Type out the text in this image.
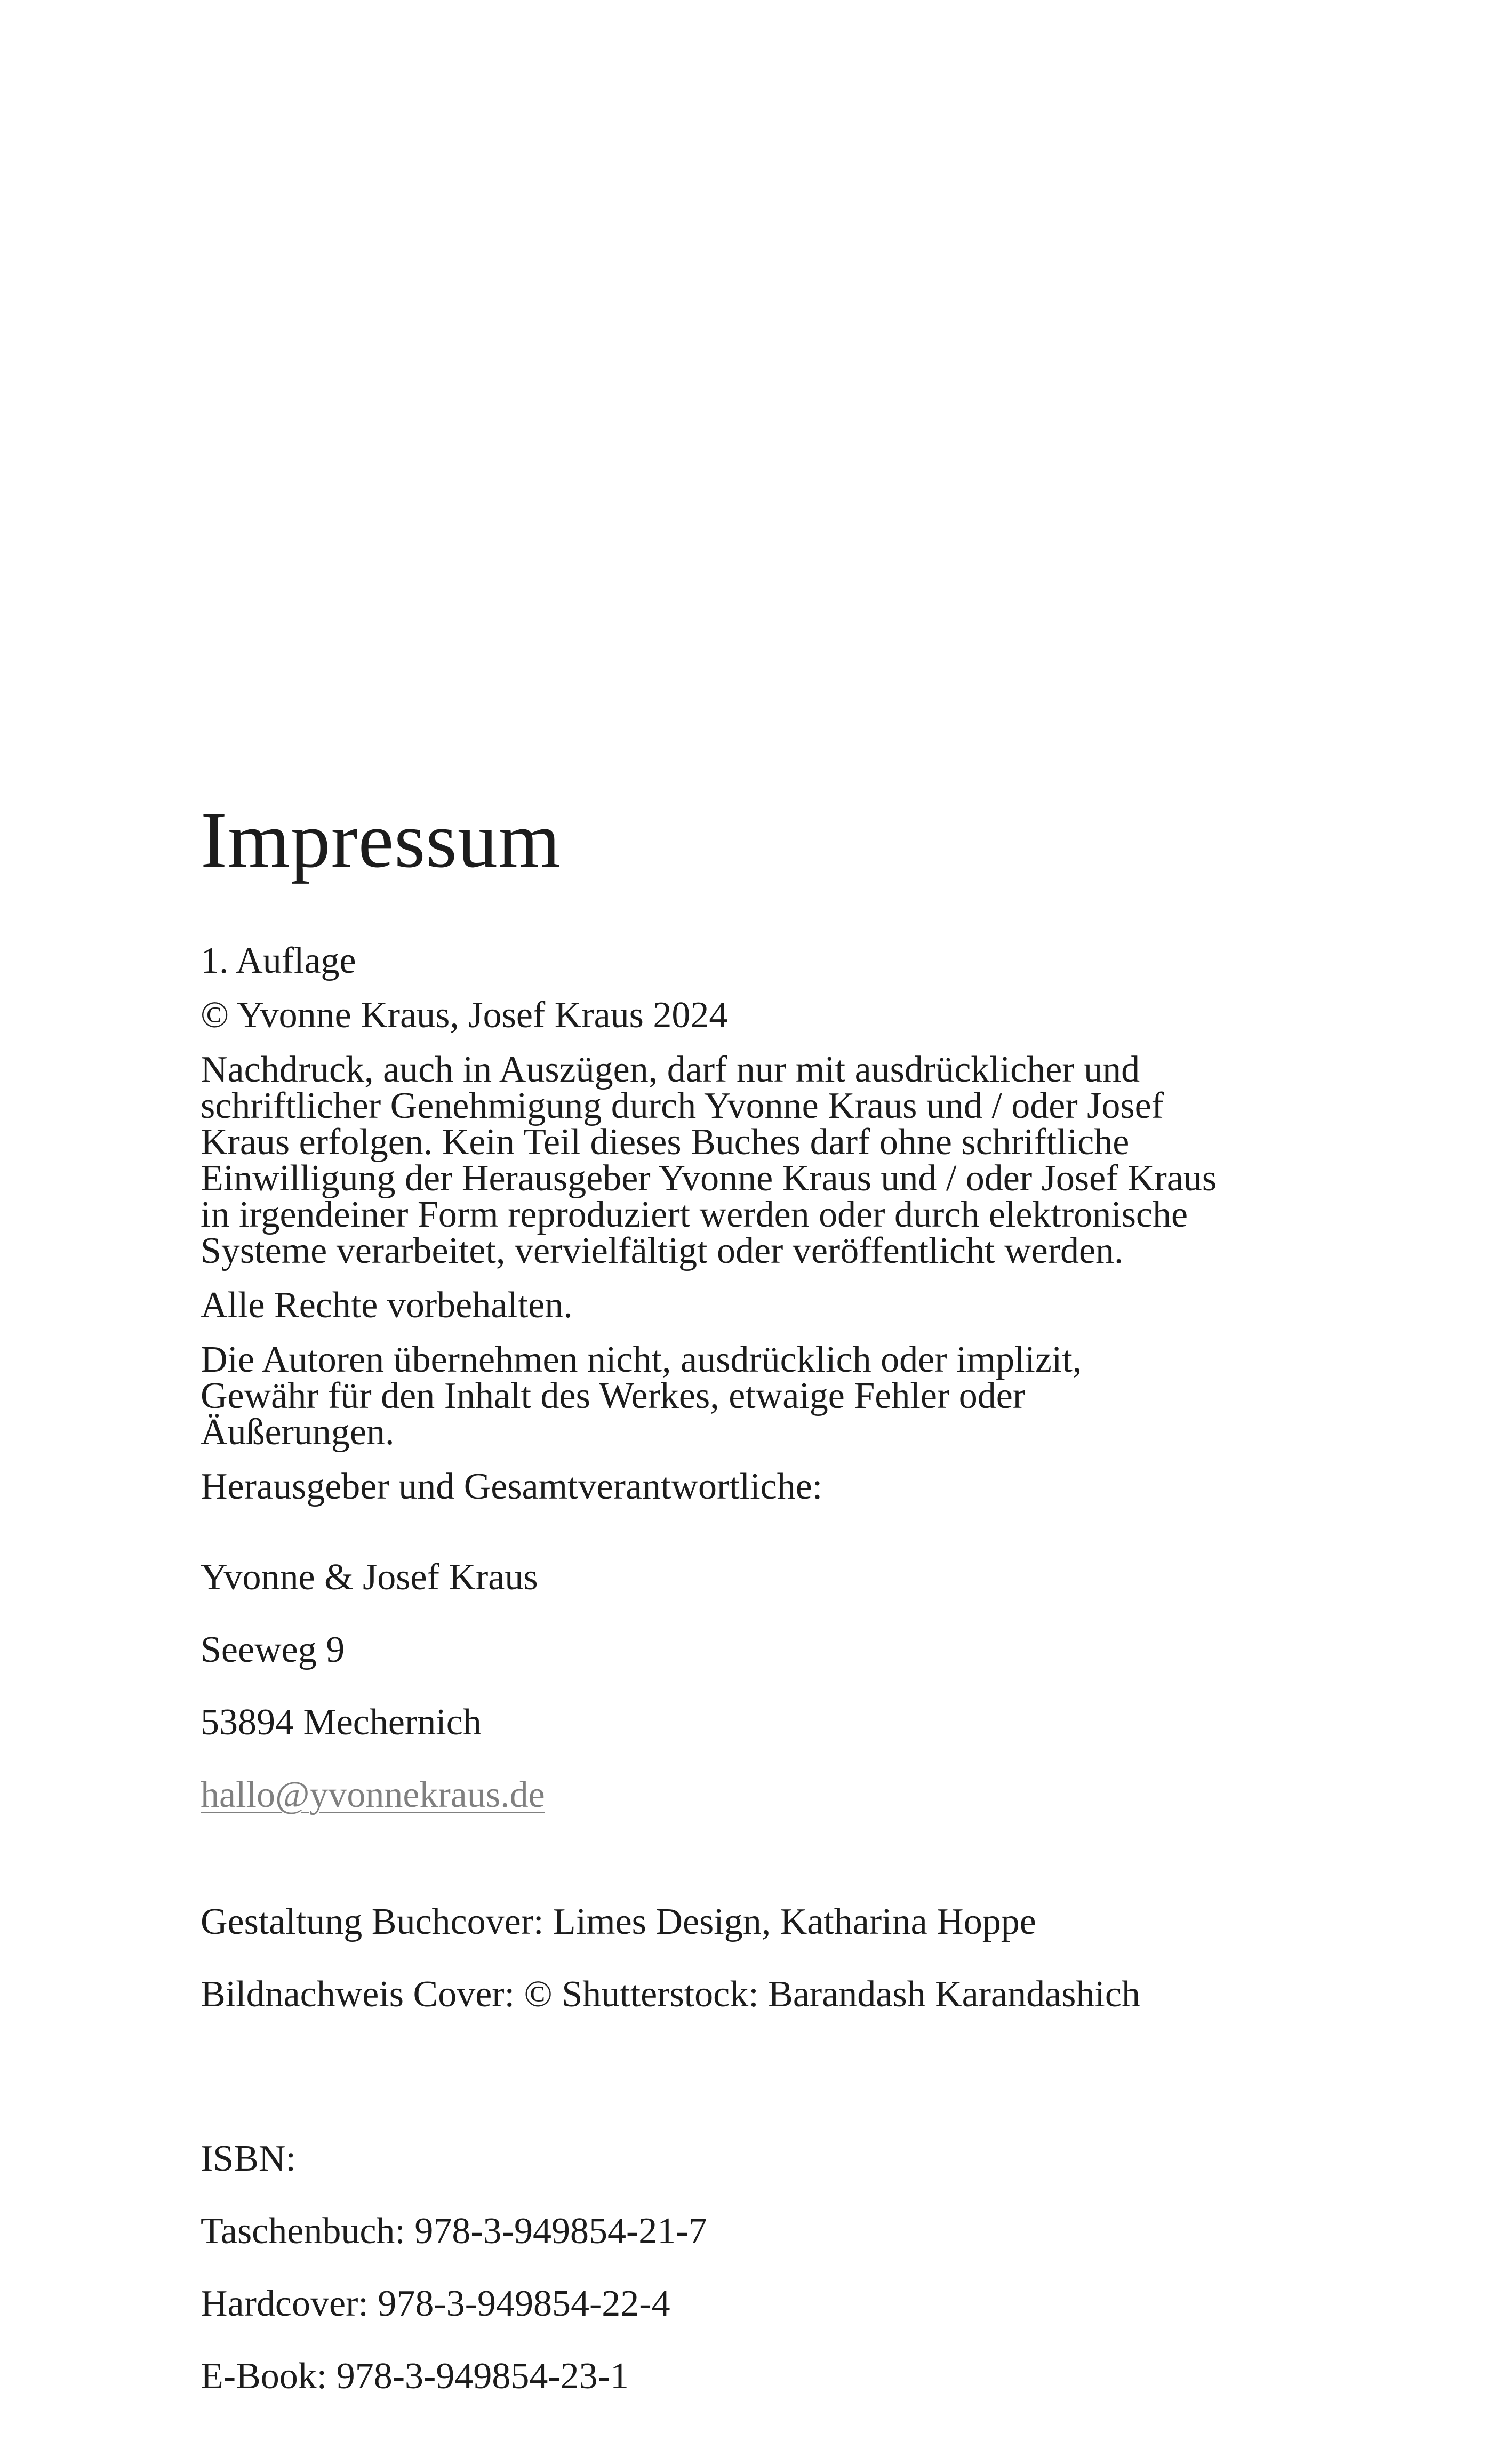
Impressum
1. Auflage
© Yvonne Kraus, Josef Kraus 2024
Nachdruck, auch in Auszügen, darf nur mit ausdrücklicher und
schriftlicher Genehmigung durch Yvonne Kraus und / oder Josef
Kraus erfolgen. Kein Teil dieses Buches darf ohne schriftliche
Einwilligung der Herausgeber Yvonne Kraus und / oder Josef Kraus
in irgendeiner Form reproduziert werden oder durch elektronische
Systeme verarbeitet, vervielfältigt oder veröffentlicht werden.
Alle Rechte vorbehalten.
Die Autoren übernehmen nicht, ausdrücklich oder implizit,
Gewähr für den Inhalt des Werkes, etwaige Fehler oder
Äußerungen.
Herausgeber und Gesamtverantwortliche:

Yvonne & Josef Kraus

Seeweg 9

53894 Mechernich

hallo@yvonnekraus.de

Gestaltung Buchcover: Limes Design, Katharina Hoppe

Bildnachweis Cover: © Shutterstock: Barandash Karandashich

ISBN:

Taschenbuch: 978-3-949854-21-7

Hardcover: 978-3-949854-22-4

E-Book: 978-3-949854-23-1
